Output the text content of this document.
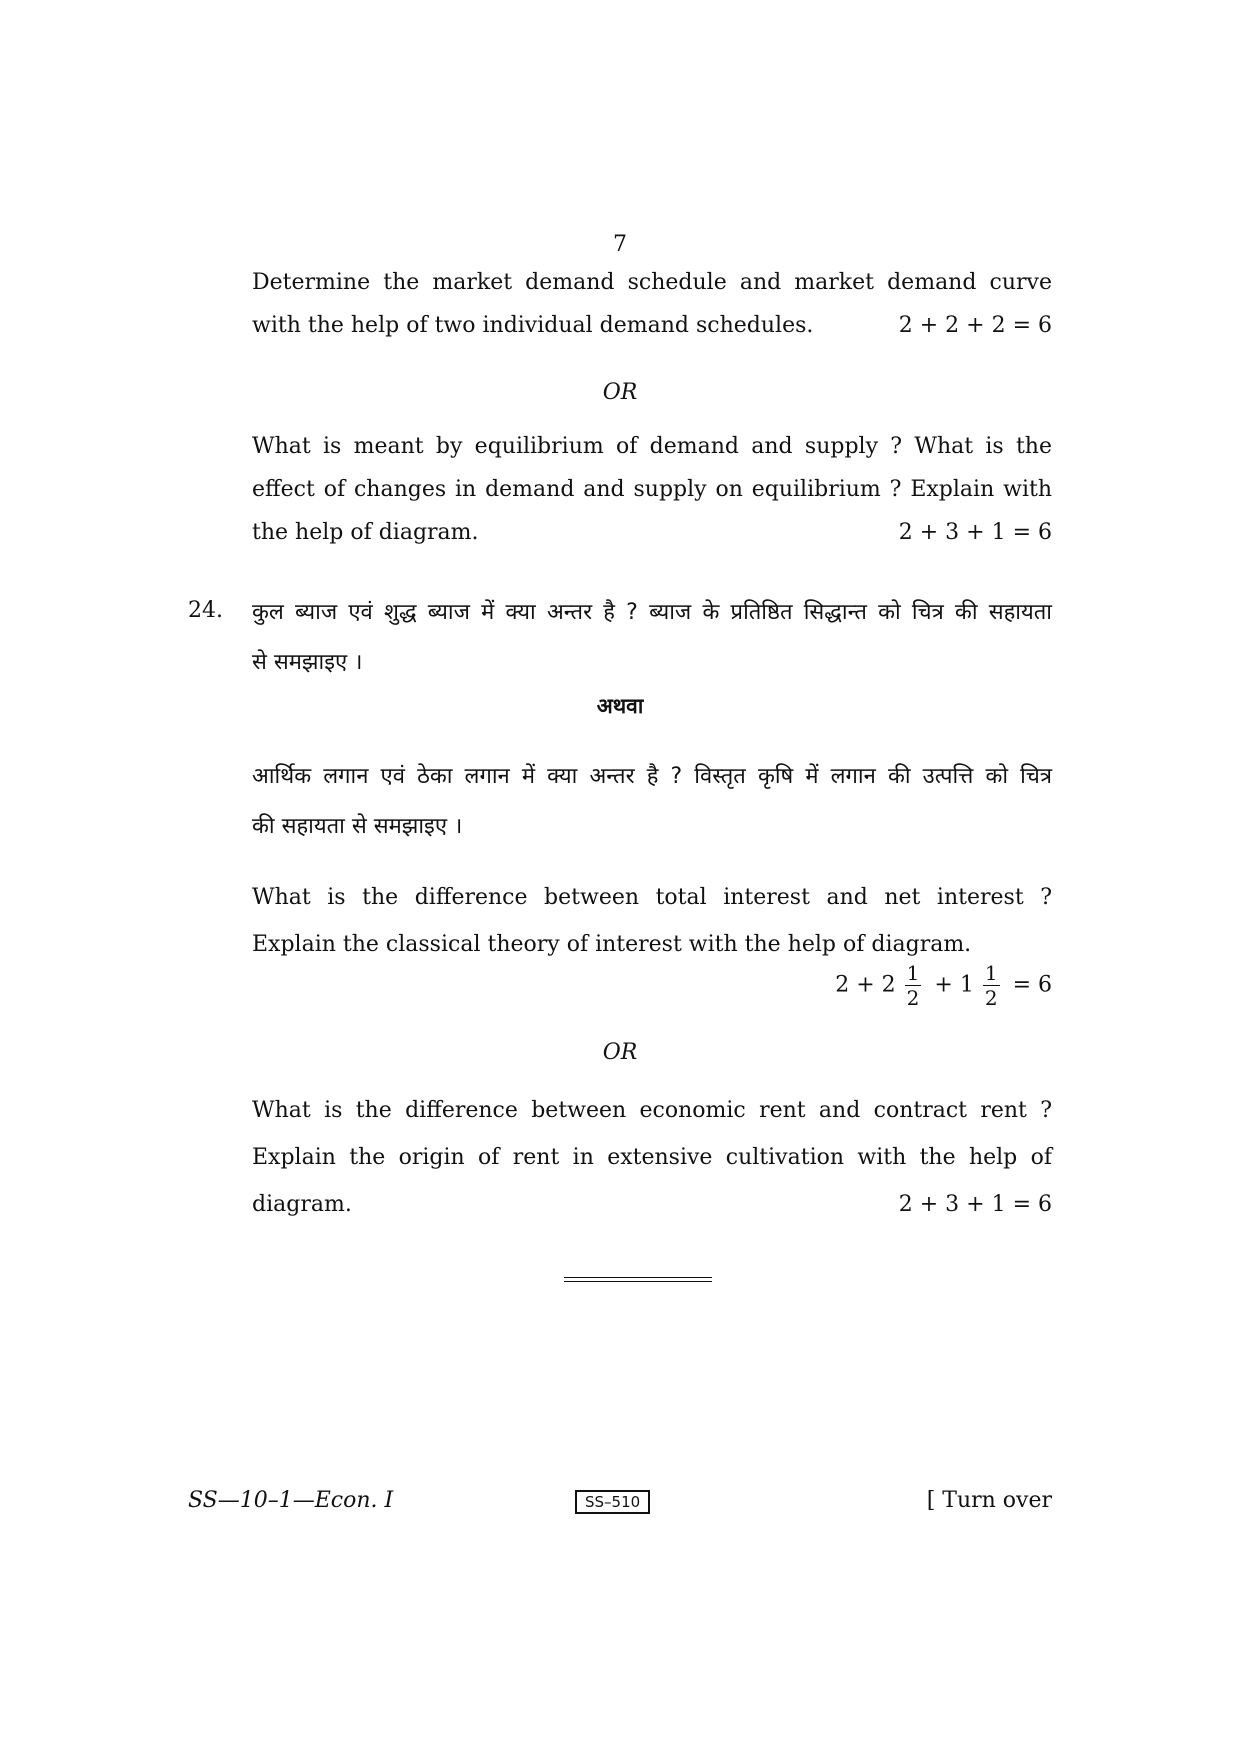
7
Determine the market demand schedule and market demand curve
with the help of two individual demand schedules.	2 + 2 + 2 = 6
OR
What is meant by equilibrium of demand and supply ? What is the
effect of changes in demand and supply on equilibrium ? Explain with
the help of diagram.	2 + 3 + 1 = 6
24. कुल ब्याज एवं शुद्ध ब्याज में क्या अन्तर है ? ब्याज के प्रतिष्ठित सिद्धान्त को चित्र की सहायता
से समझाइए ।
अथवा
आर्थिक लगान एवं ठेका लगान में क्या अन्तर है ? विस्तृत कृषि में लगान की उत्पत्ति को चित्र
की सहायता से समझाइए ।
What is the difference between total interest and net interest ?
Explain the classical theory of interest with the help of diagram.
$2 + 2 \frac{1}{2} + 1 \frac{1}{2} = 6$
OR
What is the difference between economic rent and contract rent ?
Explain the origin of rent in extensive cultivation with the help of
diagram.	2 + 3 + 1 = 6
SS—10–1—Econ. I	SS–510	[ Turn over
